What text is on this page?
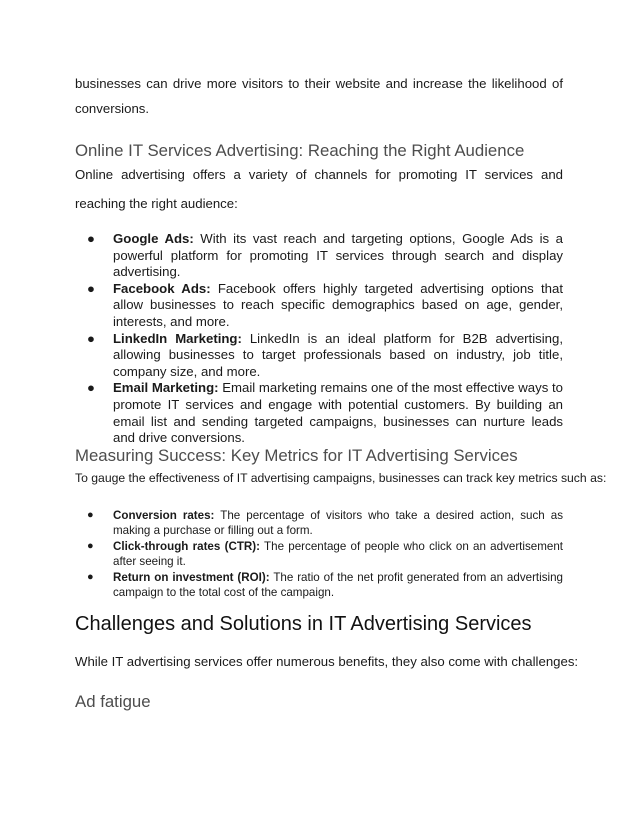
businesses can drive more visitors to their website and increase the likelihood of conversions.

Online IT Services Advertising: Reaching the Right Audience

Online advertising offers a variety of channels for promoting IT services and reaching the right audience:

● Google Ads: With its vast reach and targeting options, Google Ads is a powerful platform for promoting IT services through search and display advertising.
● Facebook Ads: Facebook offers highly targeted advertising options that allow businesses to reach specific demographics based on age, gender, interests, and more.
● LinkedIn Marketing: LinkedIn is an ideal platform for B2B advertising, allowing businesses to target professionals based on industry, job title, company size, and more.
● Email Marketing: Email marketing remains one of the most effective ways to promote IT services and engage with potential customers. By building an email list and sending targeted campaigns, businesses can nurture leads and drive conversions.
Measuring Success: Key Metrics for IT Advertising Services

To gauge the effectiveness of IT advertising campaigns, businesses can track key metrics such as:

● Conversion rates: The percentage of visitors who take a desired action, such as making a purchase or filling out a form.
● Click-through rates (CTR): The percentage of people who click on an advertisement after seeing it.
● Return on investment (ROI): The ratio of the net profit generated from an advertising campaign to the total cost of the campaign.
Challenges and Solutions in IT Advertising Services

While IT advertising services offer numerous benefits, they also come with challenges:

Ad fatigue
